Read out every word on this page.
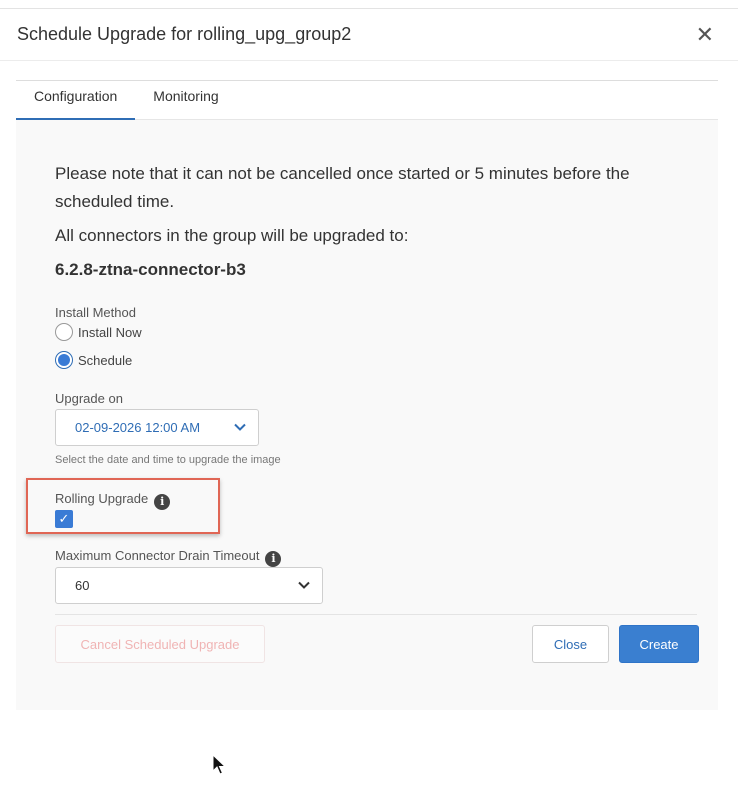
Schedule Upgrade for rolling_upg_group2	✕
Configuration	Monitoring
Please note that it can not be cancelled once started or 5 minutes before the scheduled time.
All connectors in the group will be upgraded to:
6.2.8-ztna-connector-b3
Install Method
Install Now
Schedule
Upgrade on
02-09-2026 12:00 AM
Select the date and time to upgrade the image
Rolling Upgrade i
✓
Maximum Connector Drain Timeout i
60
Cancel Scheduled Upgrade	Close	Create
